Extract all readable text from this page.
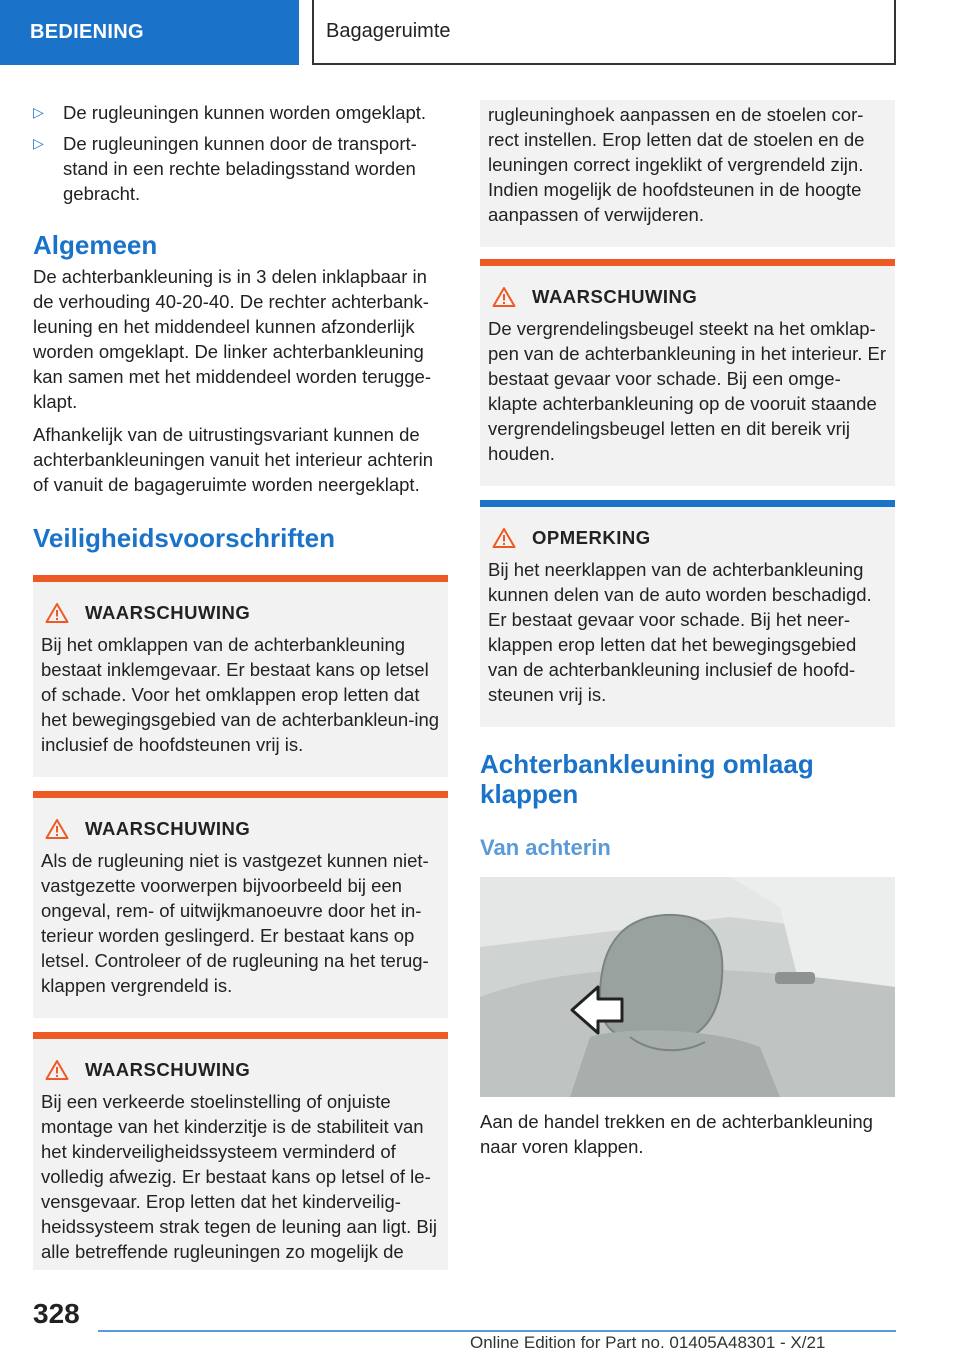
BEDIENING	Bagageruimte
▷	De rugleuningen kunnen worden omgeklapt.
▷	De rugleuningen kunnen door de transport-stand in een rechte beladingsstand worden gebracht.
Algemeen

De achterbankleuning is in 3 delen inklapbaar in de verhouding 40-20-40. De rechter achterbank-leuning en het middendeel kunnen afzonderlijk worden omgeklapt. De linker achterbankleuning kan samen met het middendeel worden terugge-klapt.

Afhankelijk van de uitrustingsvariant kunnen de achterbankleuningen vanuit het interieur achterin of vanuit de bagageruimte worden neergeklapt.

Veiligheidsvoorschriften
WAARSCHUWING

Bij het omklappen van de achterbankleuning bestaat inklemgevaar. Er bestaat kans op letsel of schade. Voor het omklappen erop letten dat het bewegingsgebied van de achterbankleun-ing inclusief de hoofdsteunen vrij is.

WAARSCHUWING

Als de rugleuning niet is vastgezet kunnen niet-vastgezette voorwerpen bijvoorbeeld bij een ongeval, rem- of uitwijkmanoeuvre door het in-terieur worden geslingerd. Er bestaat kans op letsel. Controleer of de rugleuning na het terug-klappen vergrendeld is.

WAARSCHUWING

Bij een verkeerde stoelinstelling of onjuiste montage van het kinderzitje is de stabiliteit van het kinderveiligheidssysteem verminderd of volledig afwezig. Er bestaat kans op letsel of le-vensgevaar. Erop letten dat het kinderveilig-heidssysteem strak tegen de leuning aan ligt. Bij alle betreffende rugleuningen zo mogelijk de

rugleuninghoek aanpassen en de stoelen cor-rect instellen. Erop letten dat de stoelen en de leuningen correct ingeklikt of vergrendeld zijn. Indien mogelijk de hoofdsteunen in de hoogte aanpassen of verwijderen.

WAARSCHUWING

De vergrendelingsbeugel steekt na het omklap-pen van de achterbankleuning in het interieur. Er bestaat gevaar voor schade. Bij een omge-klapte achterbankleuning op de vooruit staande vergrendelingsbeugel letten en dit bereik vrij houden.

OPMERKING

Bij het neerklappen van de achterbankleuning kunnen delen van de auto worden beschadigd. Er bestaat gevaar voor schade. Bij het neer-klappen erop letten dat het bewegingsgebied van de achterbankleuning inclusief de hoofd-steunen vrij is.

Achterbankleuning omlaag klappen
Van achterin

Aan de handel trekken en de achterbankleuning naar voren klappen.

328
Online Edition for Part no. 01405A48301 - X/21
